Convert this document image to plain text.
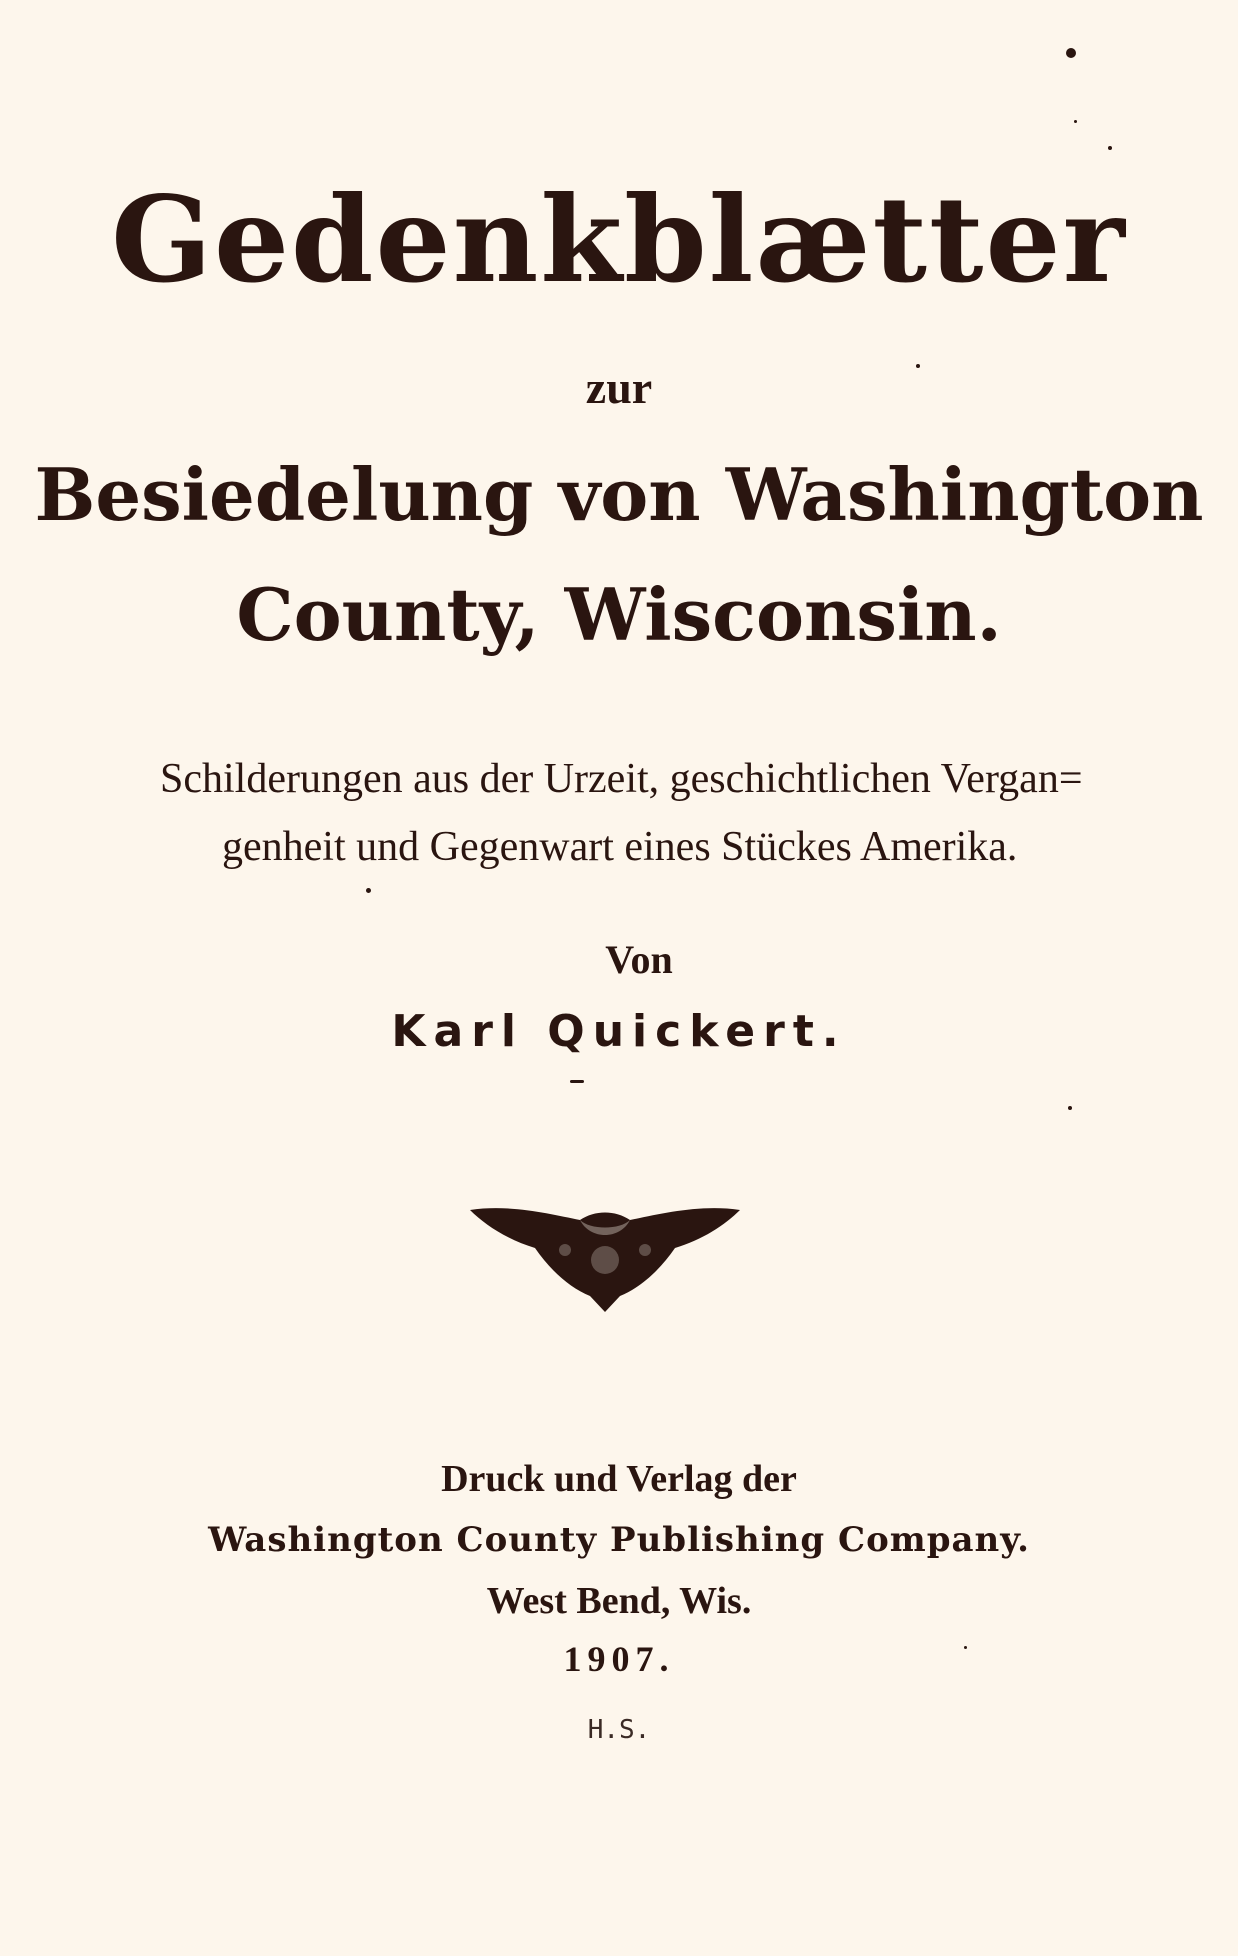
Gedenkblætter
zur
Besiedelung von Washington
County, Wisconsin.
Schilderungen aus der Urzeit, geschichtlichen Vergan=
genheit und Gegenwart eines Stückes Amerika.
Von
Karl Quickert.
Druck und Verlag der
Washington County Publishing Company.
West Bend, Wis.
1907.
H.S.
